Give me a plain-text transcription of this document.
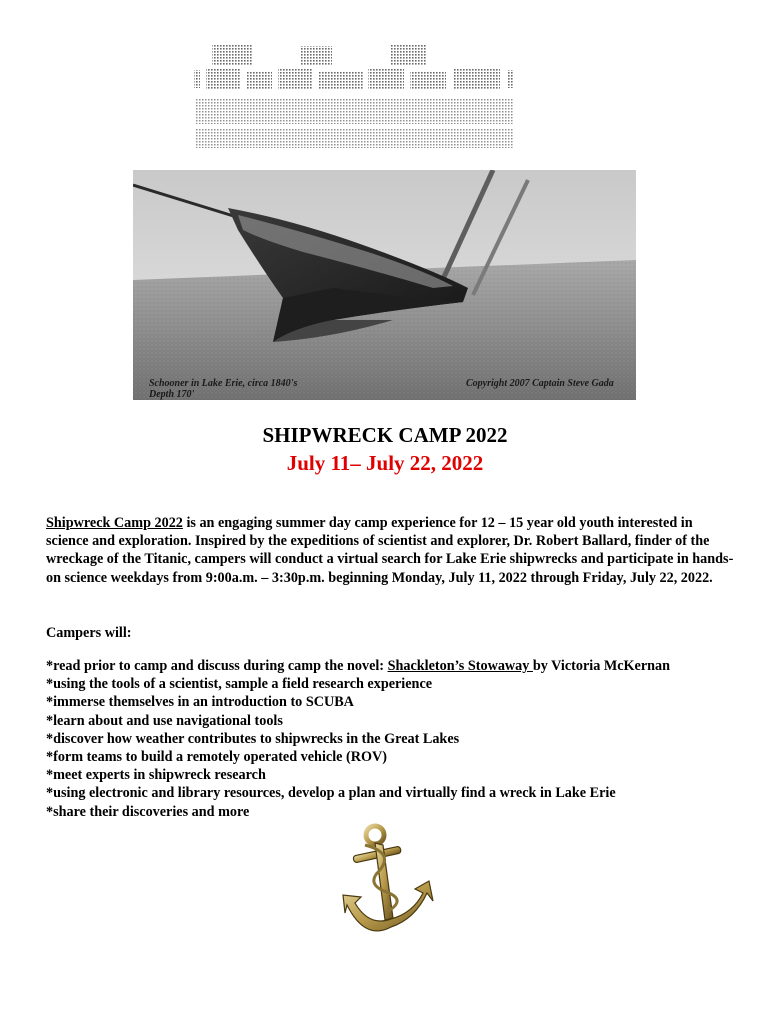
Schooner in Lake Erie, circa 1840's
Depth 170'
Copyright 2007 Captain Steve Gada
SHIPWRECK CAMP 2022
July 11– July 22, 2022
Shipwreck Camp 2022 is an engaging summer day camp experience for 12 – 15 year old youth interested in science and exploration. Inspired by the expeditions of scientist and explorer, Dr. Robert Ballard, finder of the wreckage of the Titanic, campers will conduct a virtual search for Lake Erie shipwrecks and participate in hands-on science weekdays from 9:00a.m. – 3:30p.m. beginning Monday, July 11, 2022 through Friday, July 22, 2022.
Campers will:
*read prior to camp and discuss during camp the novel: Shackleton’s Stowaway by Victoria McKernan
*using the tools of a scientist, sample a field research experience
*immerse themselves in an introduction to SCUBA
*learn about and use navigational tools
*discover how weather contributes to shipwrecks in the Great Lakes
*form teams to build a remotely operated vehicle (ROV)
*meet experts in shipwreck research
*using electronic and library resources, develop a plan and virtually find a wreck in Lake Erie
*share their discoveries and more
